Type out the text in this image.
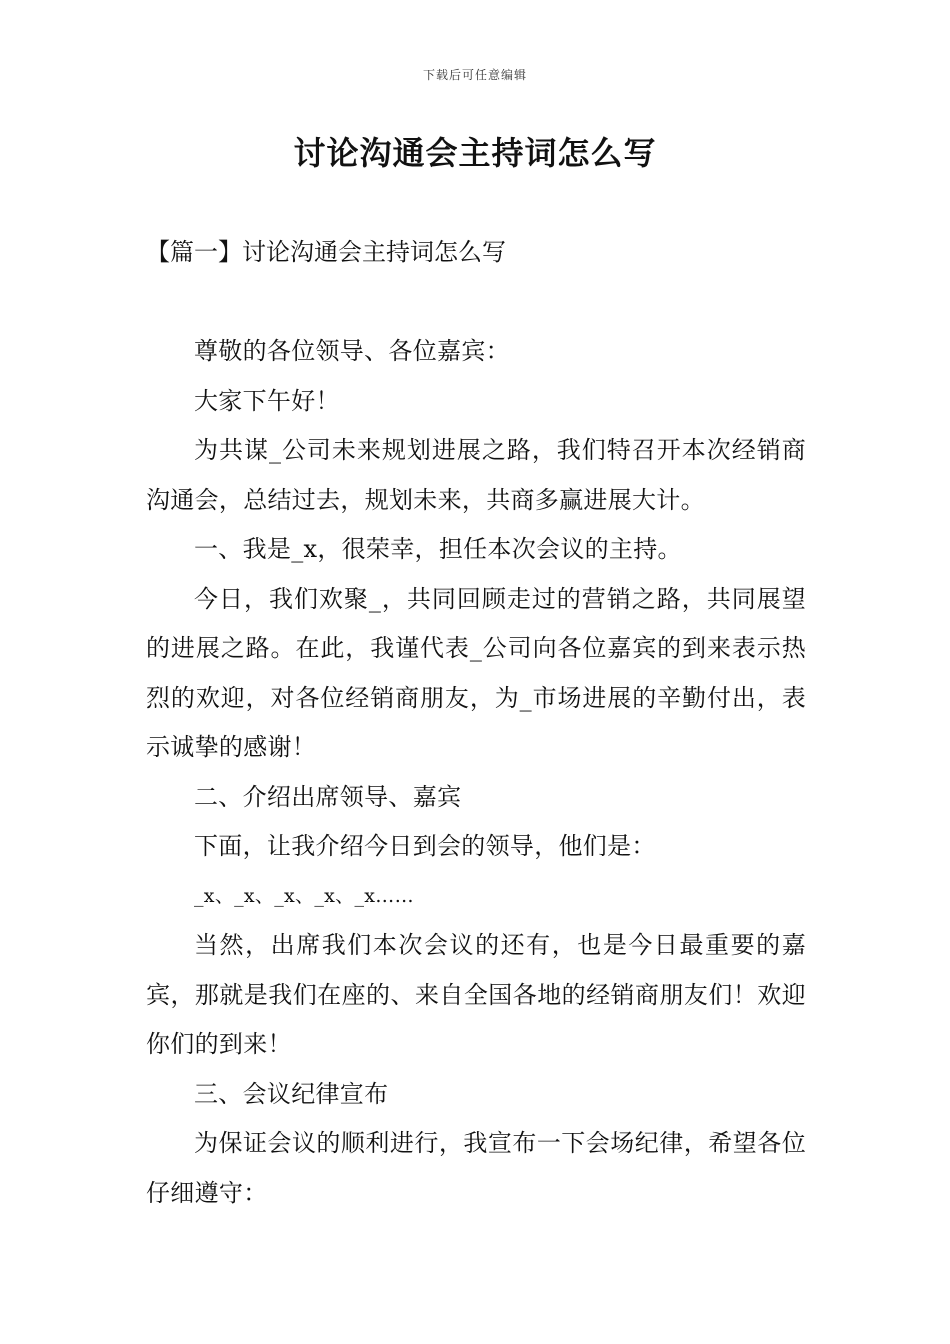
下载后可任意编辑
讨论沟通会主持词怎么写
【篇一】讨论沟通会主持词怎么写

尊敬的各位领导、各位嘉宾：

大家下午好！

为共谋_公司未来规划进展之路，我们特召开本次经销商沟通会，总结过去，规划未来，共商多赢进展大计。

一、我是_x，很荣幸，担任本次会议的主持。

今日，我们欢聚_，共同回顾走过的营销之路，共同展望的进展之路。在此，我谨代表_公司向各位嘉宾的到来表示热烈的欢迎，对各位经销商朋友，为_市场进展的辛勤付出，表示诚挚的感谢！

二、介绍出席领导、嘉宾

下面，让我介绍今日到会的领导，他们是：

_x、_x、_x、_x、_x……

当然，出席我们本次会议的还有，也是今日最重要的嘉宾，那就是我们在座的、来自全国各地的经销商朋友们！欢迎你们的到来！

三、会议纪律宣布

为保证会议的顺利进行，我宣布一下会场纪律，希望各位仔细遵守：
